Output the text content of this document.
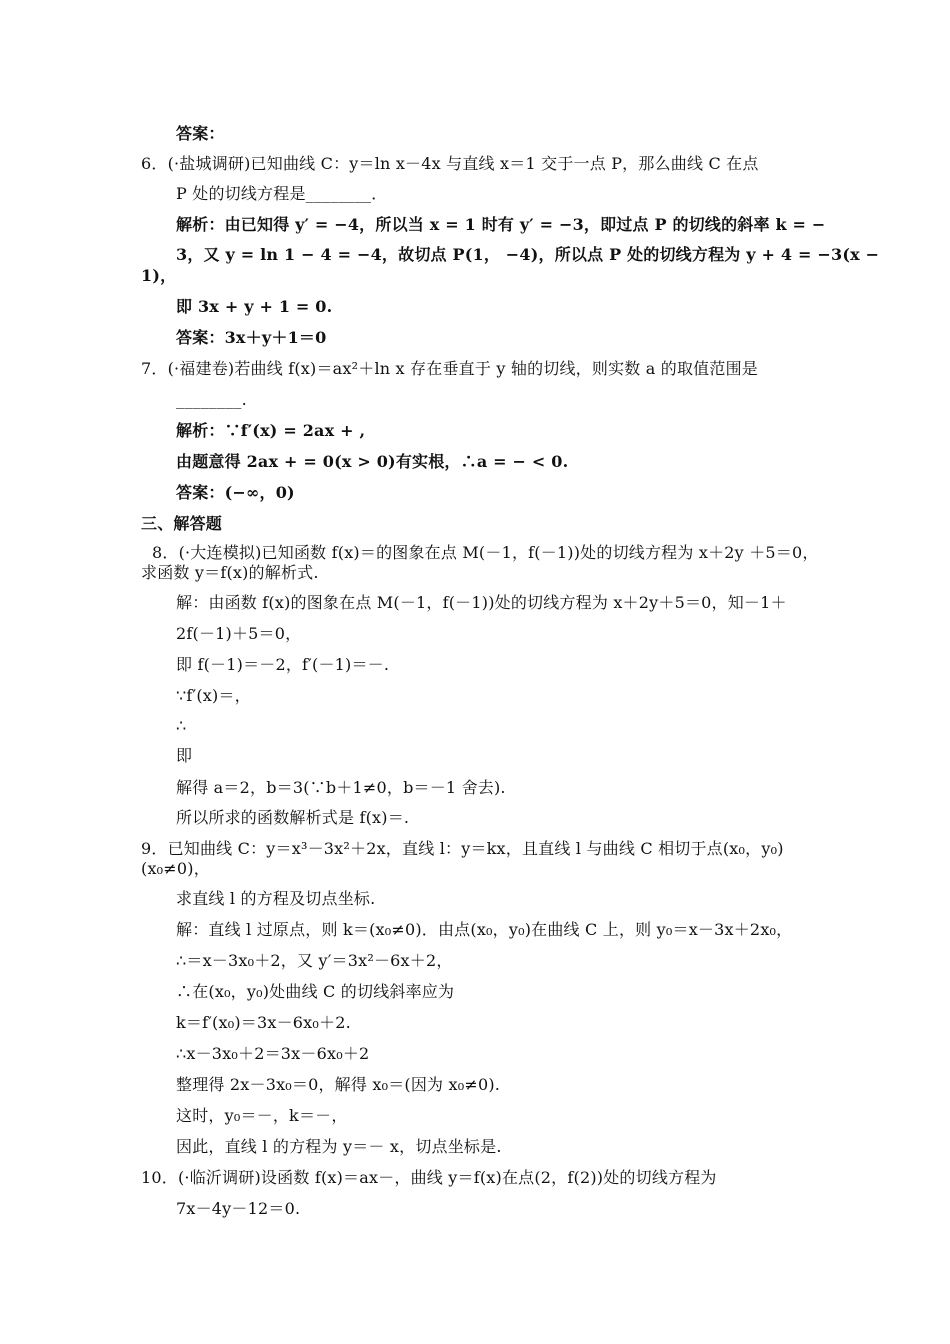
答案：
6．(·盐城调研)已知曲线 C：y＝ln x－4x 与直线 x＝1 交于一点 P，那么曲线 C 在点
P 处的切线方程是________．
解析：由已知得 y′ = −4，所以当 x = 1 时有 y′ = −3，即过点 P 的切线的斜率 k = −
3，又 y = ln 1 − 4 = −4，故切点 P(1， −4)，所以点 P 处的切线方程为 y + 4 = −3(x −
1)，
即 3x + y + 1 = 0.
答案：3x＋y＋1＝0
7．(·福建卷)若曲线 f(x)＝ax²＋ln x 存在垂直于 y 轴的切线，则实数 a 的取值范围是
________.
解析：∵f′(x) = 2ax + ,
由题意得 2ax + = 0(x > 0)有实根，∴a = − < 0.
答案：(−∞，0)
三、解答题
8．(·大连模拟)已知函数 f(x)＝的图象在点 M(－1，f(－1))处的切线方程为 x＋2y ＋5＝0，
求函数 y＝f(x)的解析式.
解：由函数 f(x)的图象在点 M(－1，f(－1))处的切线方程为 x＋2y＋5＝0，知－1＋
2f(－1)＋5＝0，
即 f(－1)＝－2，f′(－1)＝－.
∵f′(x)＝，
∴
即
解得 a＝2，b＝3(∵b＋1≠0，b＝－1 舍去).
所以所求的函数解析式是 f(x)＝.
9．已知曲线 C：y＝x³－3x²＋2x，直线 l：y＝kx，且直线 l 与曲线 C 相切于点(x₀，y₀)
(x₀≠0)，
求直线 l 的方程及切点坐标.
解：直线 l 过原点，则 k＝(x₀≠0)．由点(x₀，y₀)在曲线 C 上，则 y₀＝x－3x＋2x₀，
∴＝x－3x₀＋2，又 y′＝3x²－6x＋2，
∴在(x₀，y₀)处曲线 C 的切线斜率应为
k＝f′(x₀)＝3x－6x₀＋2.
∴x－3x₀＋2＝3x－6x₀＋2
整理得 2x－3x₀＝0，解得 x₀＝(因为 x₀≠0).
这时，y₀＝－，k＝－，
因此，直线 l 的方程为 y＝－ x，切点坐标是.
10．(·临沂调研)设函数 f(x)＝ax－，曲线 y＝f(x)在点(2，f(2))处的切线方程为
7x－4y－12＝0.
